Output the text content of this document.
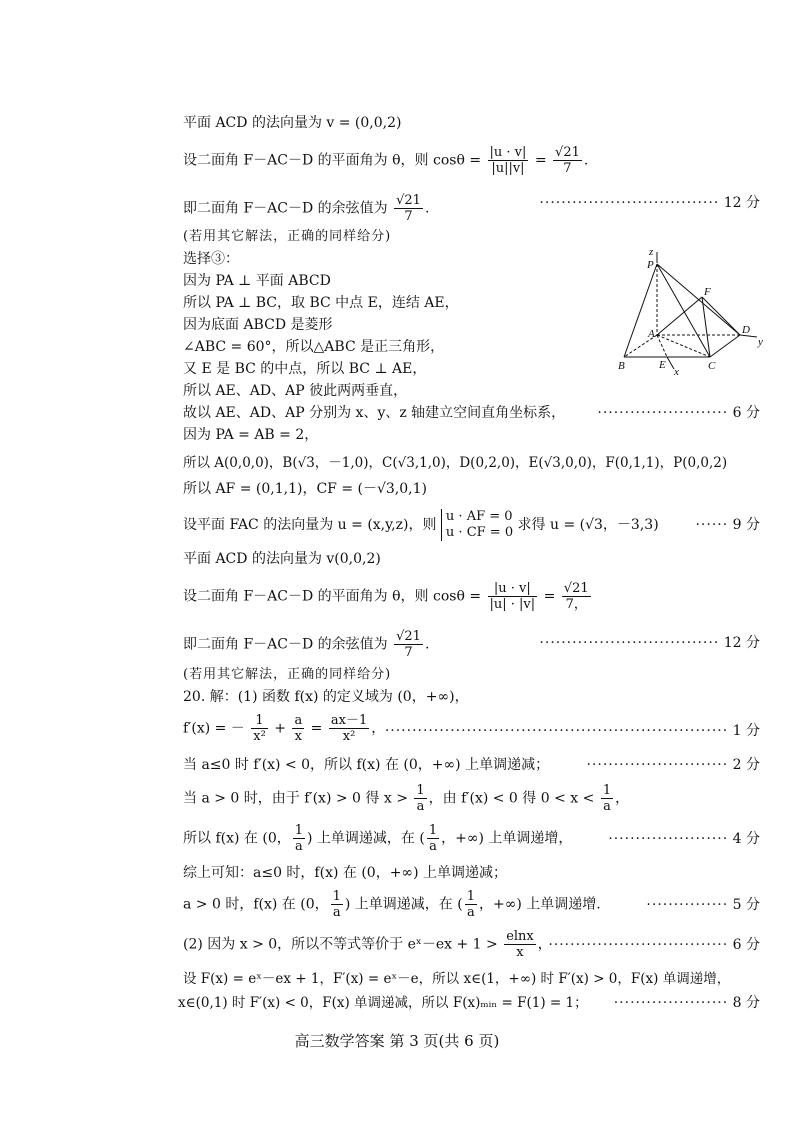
z
P
F
A	D
y
B	E
x	C
平面 ACD 的法向量为 v = (0,0,2)
设二面角 F－AC－D 的平面角为 θ，则 $\cos\theta = \frac{|u \cdot v|}{|u||v|} = \frac{√21}{7}$ .
即二面角 F－AC－D 的余弦值为 $\frac{√21}{7}$ .	································· 12 分
(若用其它解法，正确的同样给分)
选择③：
因为 PA ⊥ 平面 ABCD
所以 PA ⊥ BC，取 BC 中点 E，连结 AE，
因为底面 ABCD 是菱形
∠ABC = 60°，所以△ABC 是正三角形，
又 E 是 BC 的中点，所以 BC ⊥ AE，
所以 AE、AD、AP 彼此两两垂直，
故以 AE、AD、AP 分别为 x、y、z 轴建立空间直角坐标系， ························ 6 分
因为 PA = AB = 2，
所以 A(0,0,0)，B(√3，－1,0)，C(√3,1,0)，D(0,2,0)，E(√3,0,0)，F(0,1,1)，P(0,0,2)
所以 AF = (0,1,1)，CF = (－√3,0,1)
设平面 FAC 的法向量为 u = (x,y,z)，则
u · AF = 0
u · CF = 0 求得 u = (√3，－3,3)	······ 9 分
平面 ACD 的法向量为 v(0,0,2)
设二面角 F－AC－D 的平面角为 θ，则 $\cos\theta = \frac{|u \cdot v|}{|u| \cdot |v|} = \frac{√21}{7,}$
即二面角 F－AC－D 的余弦值为 $\frac{√21}{7}$ .	································· 12 分
(若用其它解法，正确的同样给分)
20. 解：(1) 函数 f(x) 的定义域为 (0，+∞)，
f′(x) = － $\frac{1}{\text{x²}} + \frac{a}{x} = \frac{ax-1}{\text{x²}}$ ， ······························································· 1 分
当 a≤0 时 f′(x) < 0，所以 f(x) 在 (0，+∞) 上单调递减；	·························· 2 分
当 a > 0 时，由于 f′(x) > 0 得 $x > \frac{1}{a}$ ，由 f′(x) < 0 得 $0 < x < \frac{1}{a}$ ，
所以 f(x) 在 (0， $\frac{1}{a}$ ) 上单调递减，在 ( $\frac{1}{a}$ ，+∞) 上单调递增，	······················ 4 分
综上可知：a≤0 时，f(x) 在 (0，+∞) 上单调递减；
a > 0 时，f(x) 在 (0， $\frac{1}{a}$ ) 上单调递减，在 ( $\frac{1}{a}$ ，+∞) 上单调递增.	··············· 5 分
(2) 因为 x > 0，所以不等式等价于 eˣ－ex + $1 > \frac{elnx}{x}$ ，
································· 6 分
设 F(x) = eˣ－ex + 1，F′(x) = eˣ－e，所以 x∈(1，+∞) 时 F′(x) > 0，F(x) 单调递增，
x∈(0,1) 时 F′(x) < 0，F(x) 单调递减，所以 F(x)ₘᵢₙ = F(1) = 1； ····················· 8 分
高三数学答案 第 3 页(共 6 页)
